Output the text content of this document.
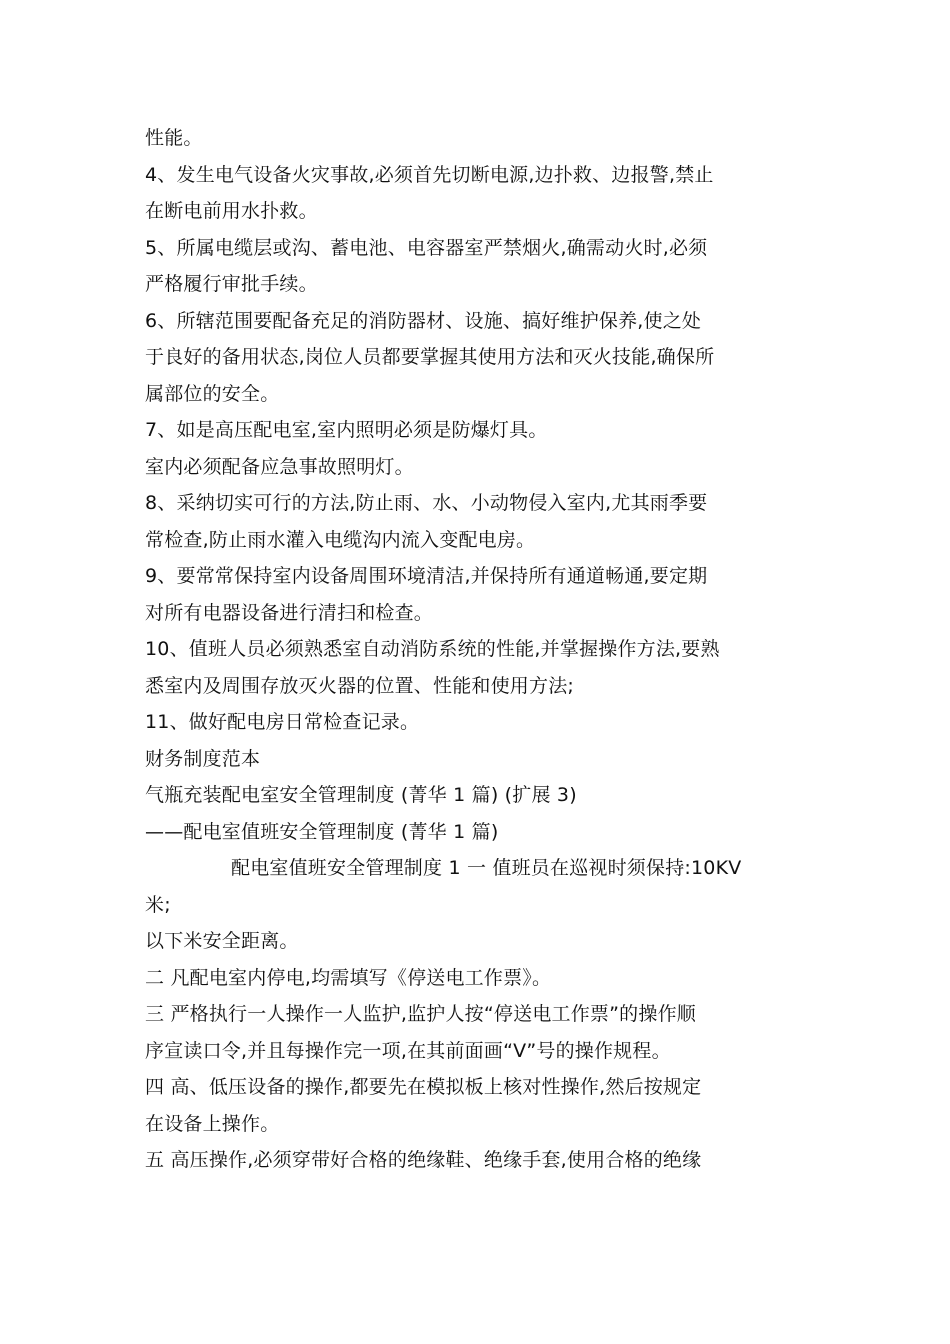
性能。
4、发生电气设备火灾事故,必须首先切断电源,边扑救、边报警,禁止
在断电前用水扑救。
5、所属电缆层或沟、蓄电池、电容器室严禁烟火,确需动火时,必须
严格履行审批手续。
6、所辖范围要配备充足的消防器材、设施、搞好维护保养,使之处
于良好的备用状态,岗位人员都要掌握其使用方法和灭火技能,确保所
属部位的安全。
7、如是高压配电室,室内照明必须是防爆灯具。
室内必须配备应急事故照明灯。
8、采纳切实可行的方法,防止雨、水、小动物侵入室内,尤其雨季要
常检查,防止雨水灌入电缆沟内流入变配电房。
9、要常常保持室内设备周围环境清洁,并保持所有通道畅通,要定期
对所有电器设备进行清扫和检查。
10、值班人员必须熟悉室自动消防系统的性能,并掌握操作方法,要熟
悉室内及周围存放灭火器的位置、性能和使用方法;
11、做好配电房日常检查记录。
财务制度范本
气瓶充装配电室安全管理制度 (菁华 1 篇) (扩展 3)
——配电室值班安全管理制度 (菁华 1 篇)
配电室值班安全管理制度 1 一 值班员在巡视时须保持:10KV
米;
以下米安全距离。
二 凡配电室内停电,均需填写《停送电工作票》。
三 严格执行一人操作一人监护,监护人按“停送电工作票”的操作顺
序宣读口令,并且每操作完一项,在其前面画“V”号的操作规程。
四 高、低压设备的操作,都要先在模拟板上核对性操作,然后按规定
在设备上操作。
五 高压操作,必须穿带好合格的绝缘鞋、绝缘手套,使用合格的绝缘
